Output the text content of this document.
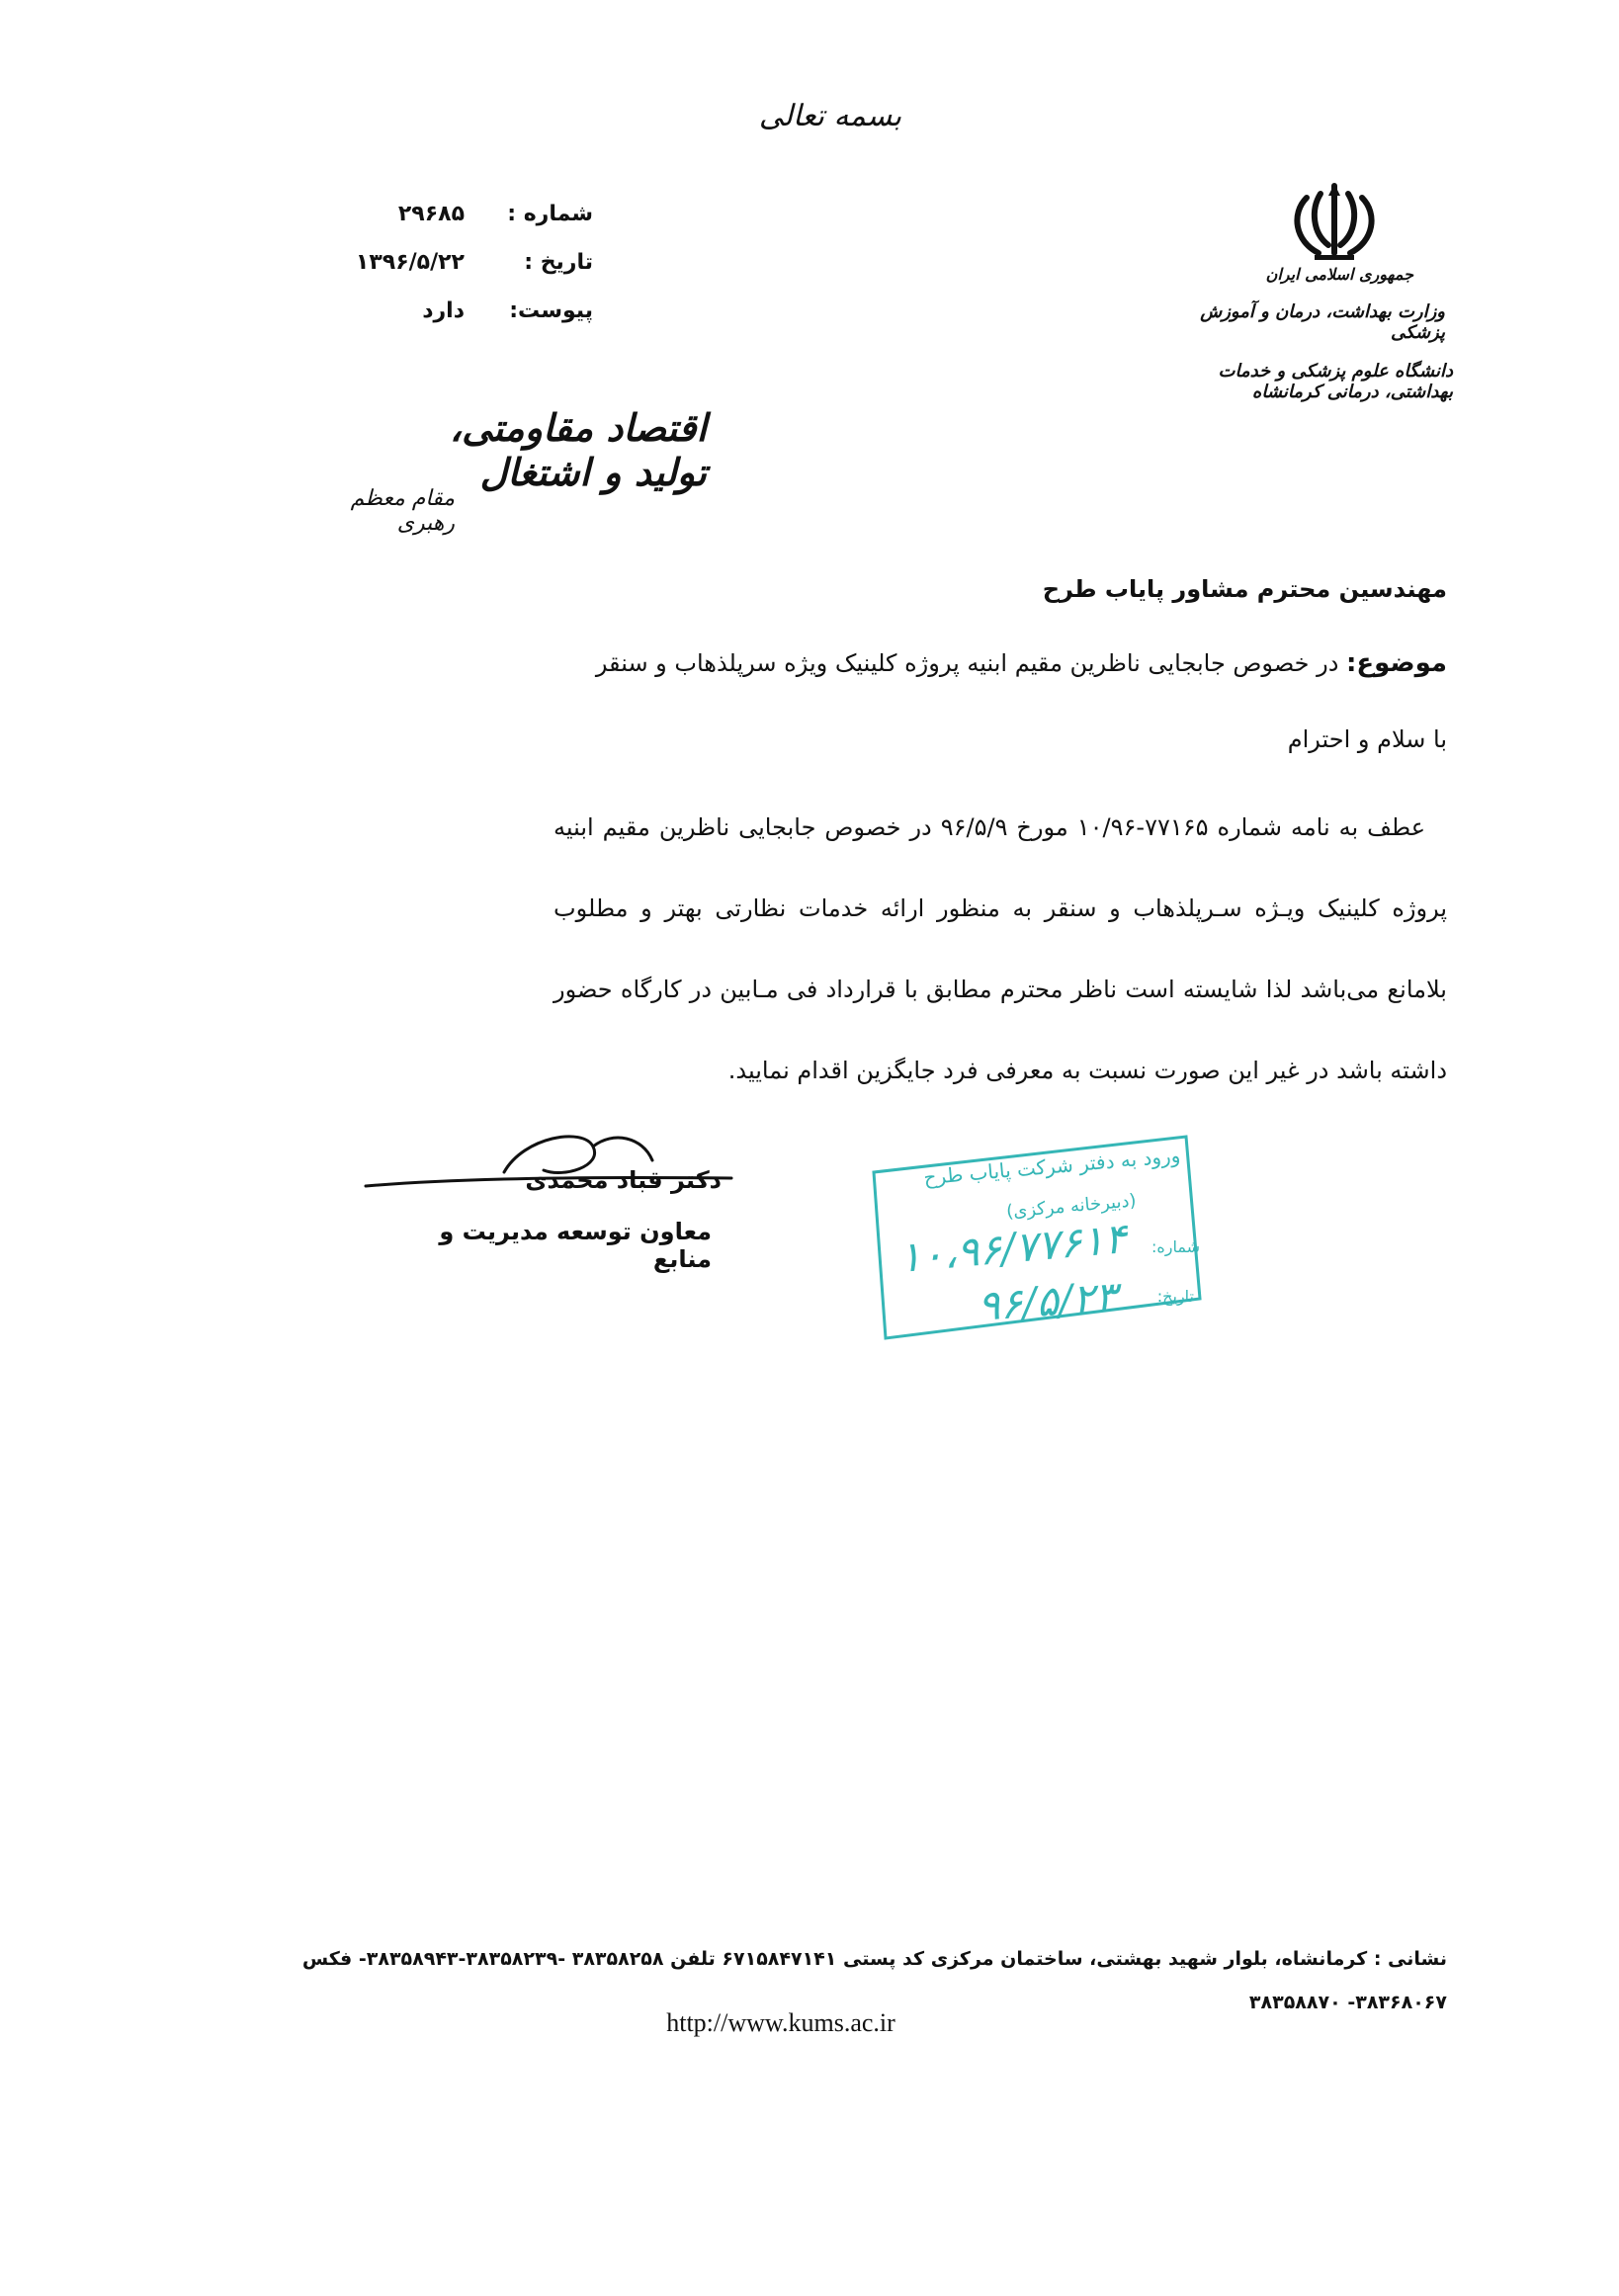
بسمه تعالی
شماره :
۲۹۶۸۵
تاریخ :
۱۳۹۶/۵/۲۲
پیوست:
دارد
جمهوری اسلامی ایران
وزارت بهداشت، درمان و آموزش پزشکی
دانشگاه علوم پزشکی و خدمات بهداشتی، درمانی کرمانشاه
اقتصاد مقاومتی، تولید و اشتغال
مقام معظم رهبری
مهندسین محترم مشاور پایاب طرح
موضوع: در خصوص جابجایی ناظرین مقیم ابنیه پروژه کلینیک ویژه سرپلذهاب و سنقر
با سلام و احترام

عطف به نامه شماره ۷۷۱۶۵-۱۰/۹۶ مورخ ۹۶/۵/۹ در خصوص جابجایی ناظرین مقیم ابنیه پروژه کلینیک ویـژه سـرپلذهاب و سنقر به منظور ارائه خدمات نظارتی بهتر و مطلوب بلامانع می‌باشد لذا شایسته است ناظر محترم مطابق با قرارداد فی مـابین در کارگاه حضور داشته باشد در غیر این صورت نسبت به معرفی فرد جایگزین اقدام نمایید.

دکتر قباد محمدی
معاون توسعه مدیریت و منابع
ورود به دفتر شرکت پایاب طرح
(دبیرخانه مرکزی)
شماره:
۱۰،۹۶/۷۷۶۱۴
تاریخ:
۹۶/۵/۲۳
نشانی : کرمانشاه، بلوار شهید بهشتی، ساختمان مرکزی کد پستی ۶۷۱۵۸۴۷۱۴۱ تلفن ۳۸۳۵۸۲۵۸ -۳۸۳۵۸۲۳۹-۳۸۳۵۸۹۴۳- فکس ۳۸۳۶۸۰۶۷- ۳۸۳۵۸۸۷۰
http://www.kums.ac.ir
